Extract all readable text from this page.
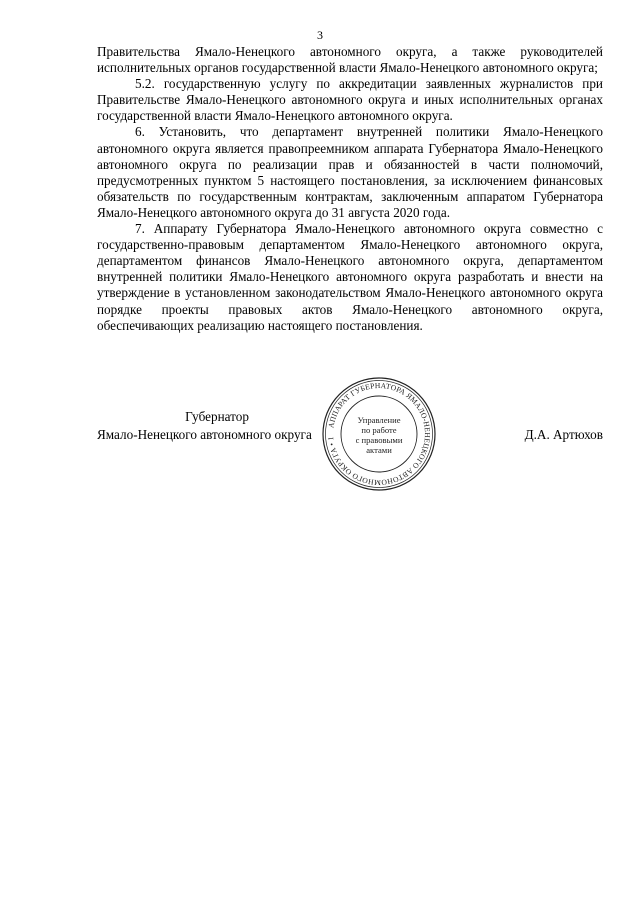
3

Правительства Ямало-Ненецкого автономного округа, а также руководителей исполнительных органов государственной власти Ямало-Ненецкого автономного округа;

5.2. государственную услугу по аккредитации заявленных журналистов при Правительстве Ямало-Ненецкого автономного округа и иных исполнительных органах государственной власти Ямало-Ненецкого автономного округа.

6. Установить, что департамент внутренней политики Ямало-Ненецкого автономного округа является правопреемником аппарата Губернатора Ямало-Ненецкого автономного округа по реализации прав и обязанностей в части полномочий, предусмотренных пунктом 5 настоящего постановления, за исключением финансовых обязательств по государственным контрактам, заключенным аппаратом Губернатора Ямало-Ненецкого автономного округа до 31 августа 2020 года.

7. Аппарату Губернатора Ямало-Ненецкого автономного округа совместно с государственно-правовым департаментом Ямало-Ненецкого автономного округа, департаментом финансов Ямало-Ненецкого автономного округа, департаментом внутренней политики Ямало-Ненецкого автономного округа разработать и внести на утверждение в установленном законодательством Ямало-Ненецкого автономного округа порядке проекты правовых актов Ямало-Ненецкого автономного округа, обеспечивающих реализацию настоящего постановления.

Губернатор
Ямало-Ненецкого автономного округа	Д.А. Артюхов
АППАРАТ ГУБЕРНАТОРА ЯМАЛО-НЕНЕЦКОГО АВТОНОМНОГО ОКРУГА • 1
Управление
по работе
с правовыми
актами
